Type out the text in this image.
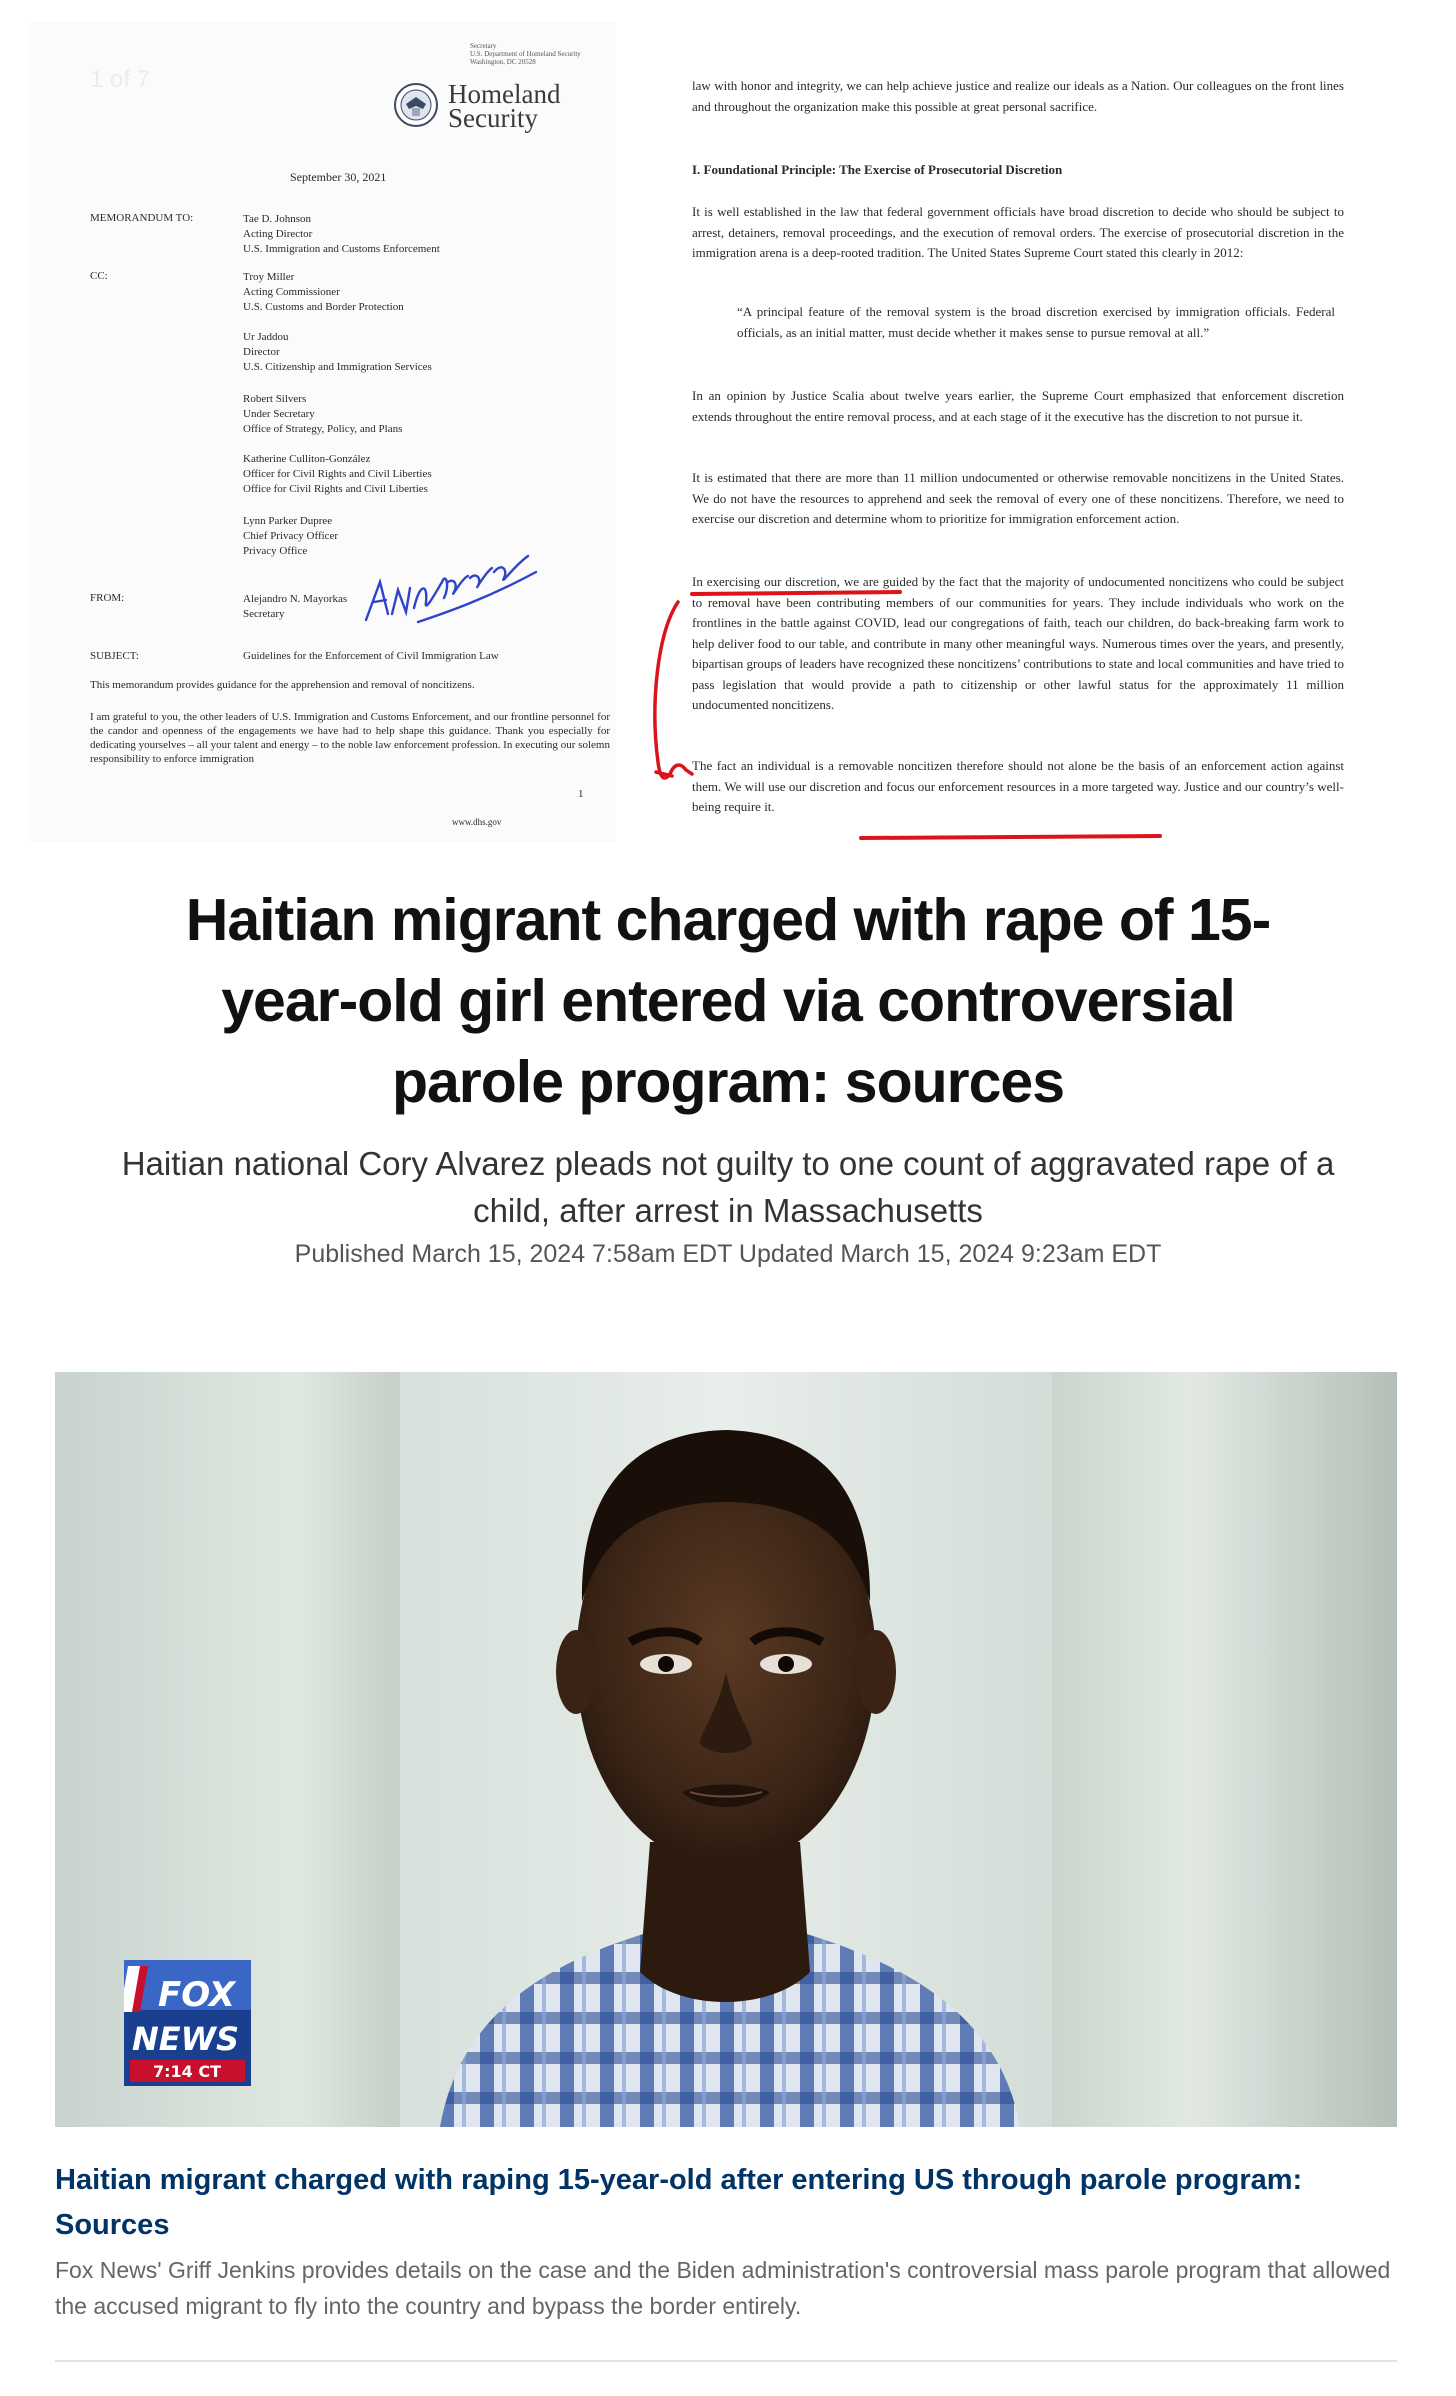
1 of 7
Secretary
U.S. Department of Homeland Security
Washington, DC 20528
Homeland
Security
September 30, 2021
MEMORANDUM TO:	Tae D. Johnson
Acting Director
U.S. Immigration and Customs Enforcement
CC:	Troy Miller
Acting Commissioner
U.S. Customs and Border Protection
Ur Jaddou
Director
U.S. Citizenship and Immigration Services
Robert Silvers
Under Secretary
Office of Strategy, Policy, and Plans
Katherine Culliton-González
Officer for Civil Rights and Civil Liberties
Office for Civil Rights and Civil Liberties
Lynn Parker Dupree
Chief Privacy Officer
Privacy Office
FROM:	Alejandro N. Mayorkas
Secretary
SUBJECT:	Guidelines for the Enforcement of Civil Immigration Law
This memorandum provides guidance for the apprehension and removal of noncitizens.
I am grateful to you, the other leaders of U.S. Immigration and Customs Enforcement, and our frontline personnel for the candor and openness of the engagements we have had to help shape this guidance. Thank you especially for dedicating yourselves – all your talent and energy – to the noble law enforcement profession. In executing our solemn responsibility to enforce immigration
1
www.dhs.gov
law with honor and integrity, we can help achieve justice and realize our ideals as a Nation. Our colleagues on the front lines and throughout the organization make this possible at great personal sacrifice.
I. Foundational Principle: The Exercise of Prosecutorial Discretion
It is well established in the law that federal government officials have broad discretion to decide who should be subject to arrest, detainers, removal proceedings, and the execution of removal orders. The exercise of prosecutorial discretion in the immigration arena is a deep-rooted tradition. The United States Supreme Court stated this clearly in 2012:
“A principal feature of the removal system is the broad discretion exercised by immigration officials. Federal officials, as an initial matter, must decide whether it makes sense to pursue removal at all.”
In an opinion by Justice Scalia about twelve years earlier, the Supreme Court emphasized that enforcement discretion extends throughout the entire removal process, and at each stage of it the executive has the discretion to not pursue it.
It is estimated that there are more than 11 million undocumented or otherwise removable noncitizens in the United States. We do not have the resources to apprehend and seek the removal of every one of these noncitizens. Therefore, we need to exercise our discretion and determine whom to prioritize for immigration enforcement action.
In exercising our discretion, we are guided by the fact that the majority of undocumented noncitizens who could be subject to removal have been contributing members of our communities for years. They include individuals who work on the frontlines in the battle against COVID, lead our congregations of faith, teach our children, do back-breaking farm work to help deliver food to our table, and contribute in many other meaningful ways. Numerous times over the years, and presently, bipartisan groups of leaders have recognized these noncitizens’ contributions to state and local communities and have tried to pass legislation that would provide a path to citizenship or other lawful status for the approximately 11 million undocumented noncitizens.
The fact an individual is a removable noncitizen therefore should not alone be the basis of an enforcement action against them. We will use our discretion and focus our enforcement resources in a more targeted way. Justice and our country’s well-being require it.
Haitian migrant charged with rape of 15-
year-old girl entered via controversial
parole program: sources
Haitian national Cory Alvarez pleads not guilty to one count of aggravated rape of a child, after arrest in Massachusetts
Published March 15, 2024 7:58am EDT Updated March 15, 2024 9:23am EDT
FOX
NEWS
7:14 CT
Haitian migrant charged with raping 15-year-old after entering US through parole program: Sources
Fox News' Griff Jenkins provides details on the case and the Biden administration's controversial mass parole program that allowed the accused migrant to fly into the country and bypass the border entirely.
